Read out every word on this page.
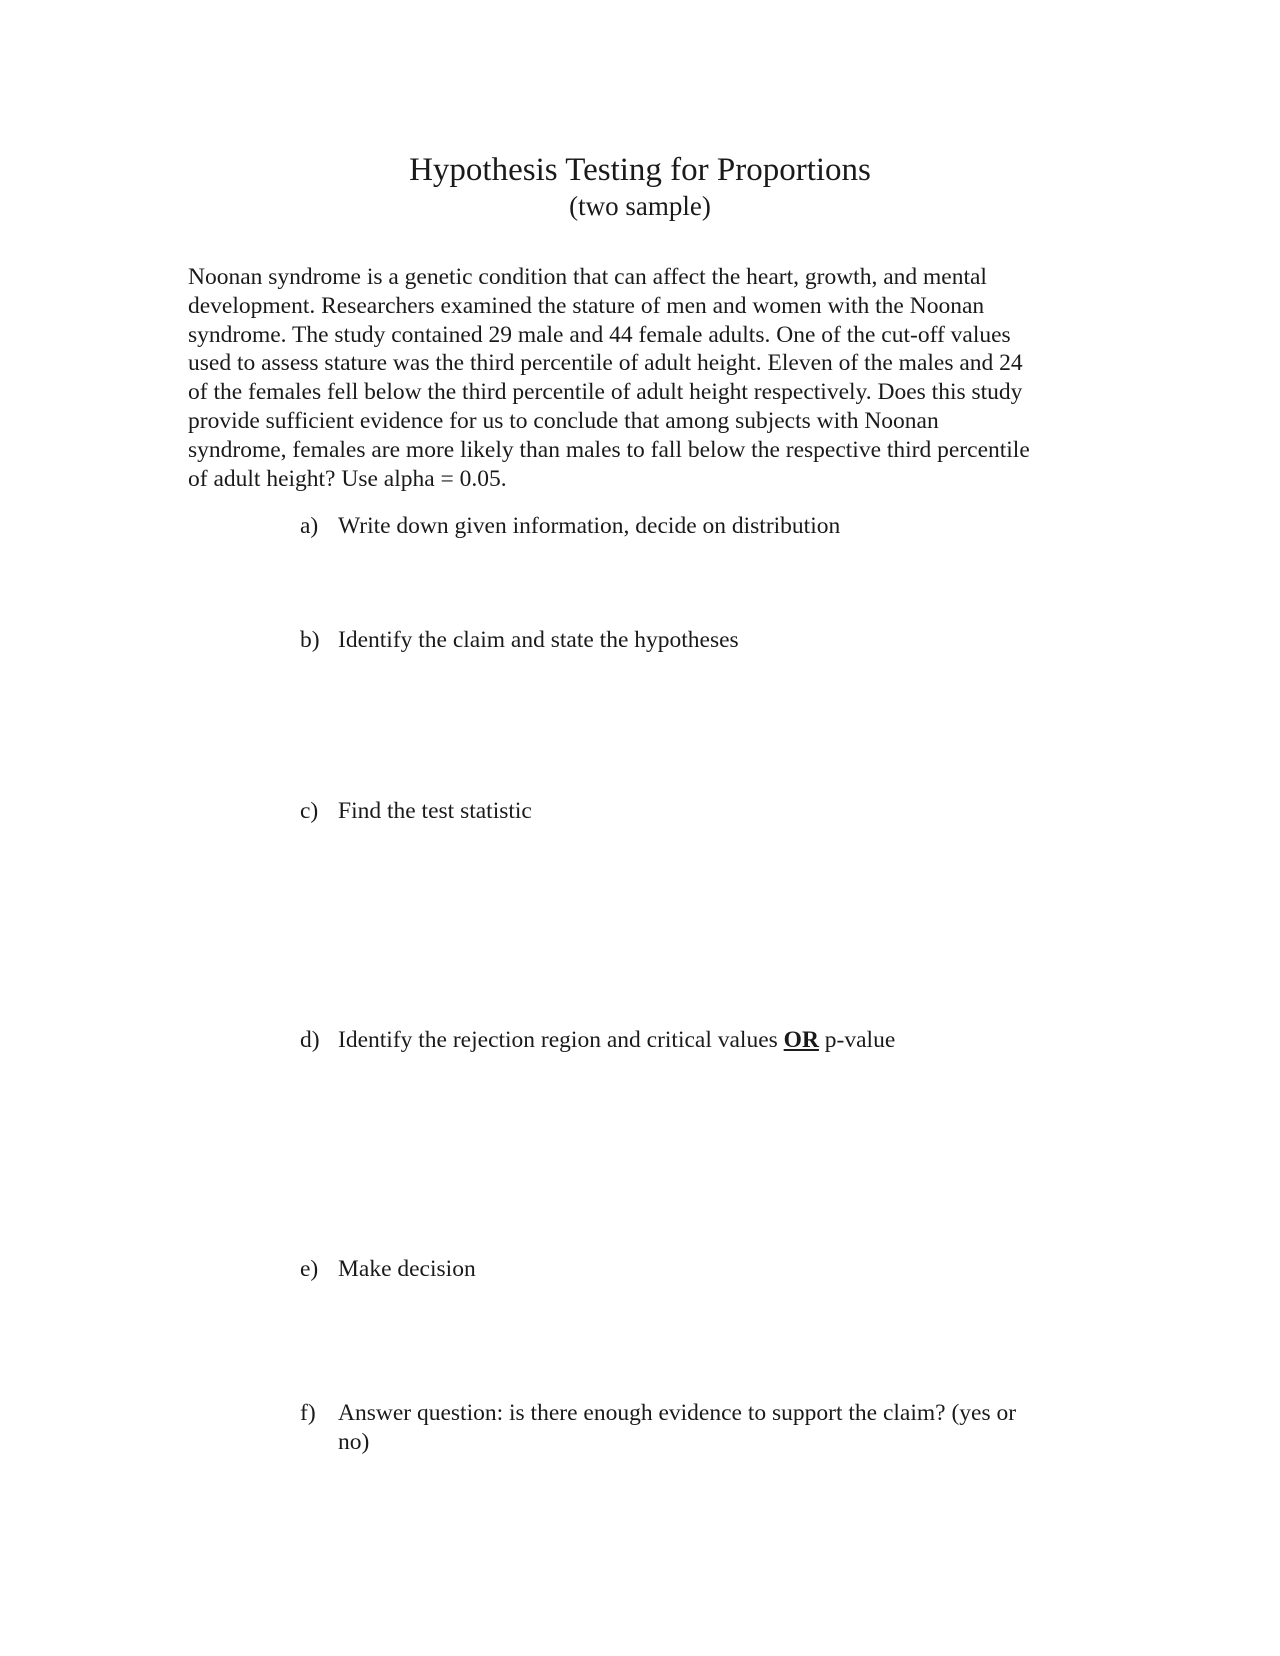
Hypothesis Testing for Proportions
(two sample)
Noonan syndrome is a genetic condition that can affect the heart, growth, and mental
development. Researchers examined the stature of men and women with the Noonan
syndrome. The study contained 29 male and 44 female adults. One of the cut-off values
used to assess stature was the third percentile of adult height. Eleven of the males and 24
of the females fell below the third percentile of adult height respectively. Does this study
provide sufficient evidence for us to conclude that among subjects with Noonan
syndrome, females are more likely than males to fall below the respective third percentile
of adult height? Use alpha = 0.05.
a) Write down given information, decide on distribution
b) Identify the claim and state the hypotheses
c) Find the test statistic
d) Identify the rejection region and critical values OR p-value
e) Make decision
f) Answer question: is there enough evidence to support the claim? (yes or
no)
